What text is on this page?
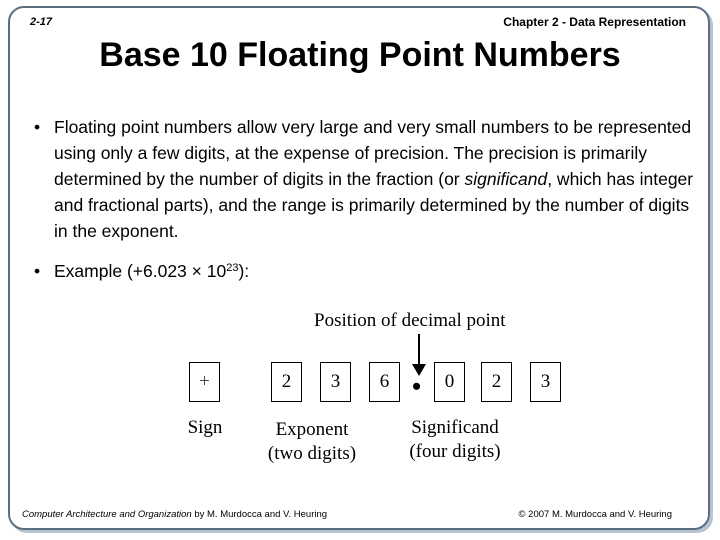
2-17	Chapter 2 - Data Representation
Base 10 Floating Point Numbers
• Floating point numbers allow very large and very small numbers to be represented using only a few digits, at the expense of precision. The precision is primarily determined by the number of digits in the fraction (or significand, which has integer and fractional parts), and the range is primarily determined by the number of digits in the exponent.
• Example $(+6.023 \times 10^{23})$:
Position of decimal point
+	2	3	6 •	0	2	3
Sign	Exponent
(two digits)
Significand
(four digits)
Computer Architecture and Organization by M. Murdocca and V. Heuring	© 2007 M. Murdocca and V. Heuring
